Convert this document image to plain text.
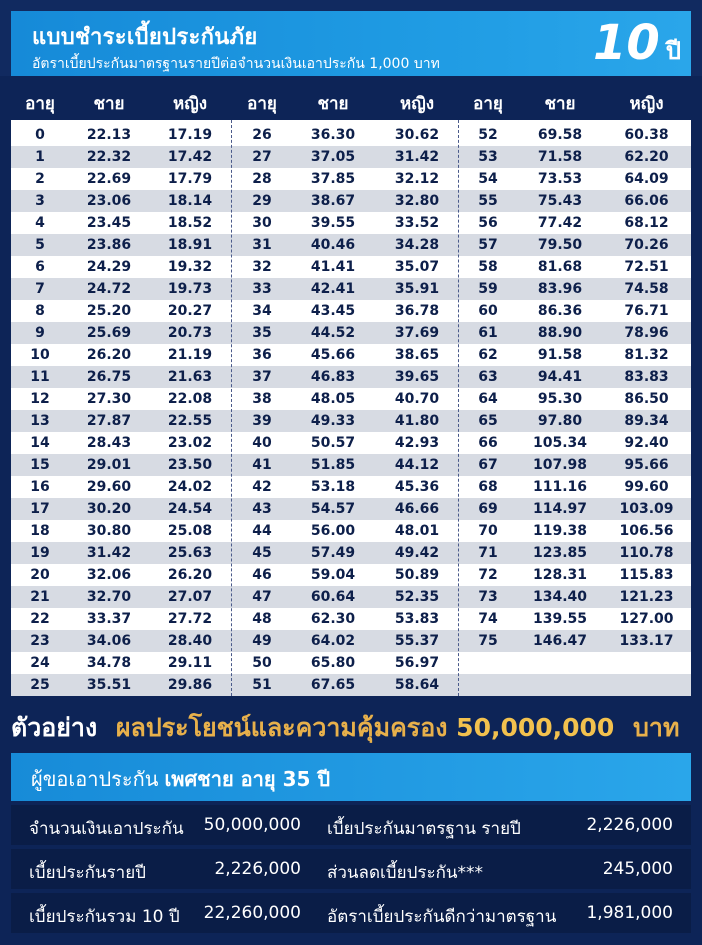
แบบชำระเบี้ยประกันภัย
อัตราเบี้ยประกันมาตรฐานรายปีต่อจำนวนเงินเอาประกัน 1,000 บาท	10 ปี
อายุ	ชาย	หญิง	อายุ	ชาย	หญิง	อายุ	ชาย	หญิง
0	22.13	17.19
1	22.32	17.42
2	22.69	17.79
3	23.06	18.14
4	23.45	18.52
5	23.86	18.91
6	24.29	19.32
7	24.72	19.73
8	25.20	20.27
9	25.69	20.73
10	26.20	21.19
11	26.75	21.63
12	27.30	22.08
13	27.87	22.55
14	28.43	23.02
15	29.01	23.50
16	29.60	24.02
17	30.20	24.54
18	30.80	25.08
19	31.42	25.63
20	32.06	26.20
21	32.70	27.07
22	33.37	27.72
23	34.06	28.40
24	34.78	29.11
25	35.51	29.86
26	36.30	30.62
27	37.05	31.42
28	37.85	32.12
29	38.67	32.80
30	39.55	33.52
31	40.46	34.28
32	41.41	35.07
33	42.41	35.91
34	43.45	36.78
35	44.52	37.69
36	45.66	38.65
37	46.83	39.65
38	48.05	40.70
39	49.33	41.80
40	50.57	42.93
41	51.85	44.12
42	53.18	45.36
43	54.57	46.66
44	56.00	48.01
45	57.49	49.42
46	59.04	50.89
47	60.64	52.35
48	62.30	53.83
49	64.02	55.37
50	65.80	56.97
51	67.65	58.64
52	69.58	60.38
53	71.58	62.20
54	73.53	64.09
55	75.43	66.06
56	77.42	68.12
57	79.50	70.26
58	81.68	72.51
59	83.96	74.58
60	86.36	76.71
61	88.90	78.96
62	91.58	81.32
63	94.41	83.83
64	95.30	86.50
65	97.80	89.34
66	105.34	92.40
67	107.98	95.66
68	111.16	99.60
69	114.97	103.09
70	119.38	106.56
71	123.85	110.78
72	128.31	115.83
73	134.40	121.23
74	139.55	127.00
75	146.47	133.17
ตัวอย่าง ผลประโยชน์และความคุ้มครอง 50,000,000 บาท
ผู้ขอเอาประกัน เพศชาย อายุ 35 ปี
จำนวนเงินเอาประกัน 50,000,000 เบี้ยประกันมาตรฐาน รายปี	2,226,000
เบี้ยประกันรายปี	2,226,000 ส่วนลดเบี้ยประกัน***	245,000
เบี้ยประกันรวม 10 ปี 22,260,000 อัตราเบี้ยประกันดีกว่ามาตรฐาน 1,981,000
